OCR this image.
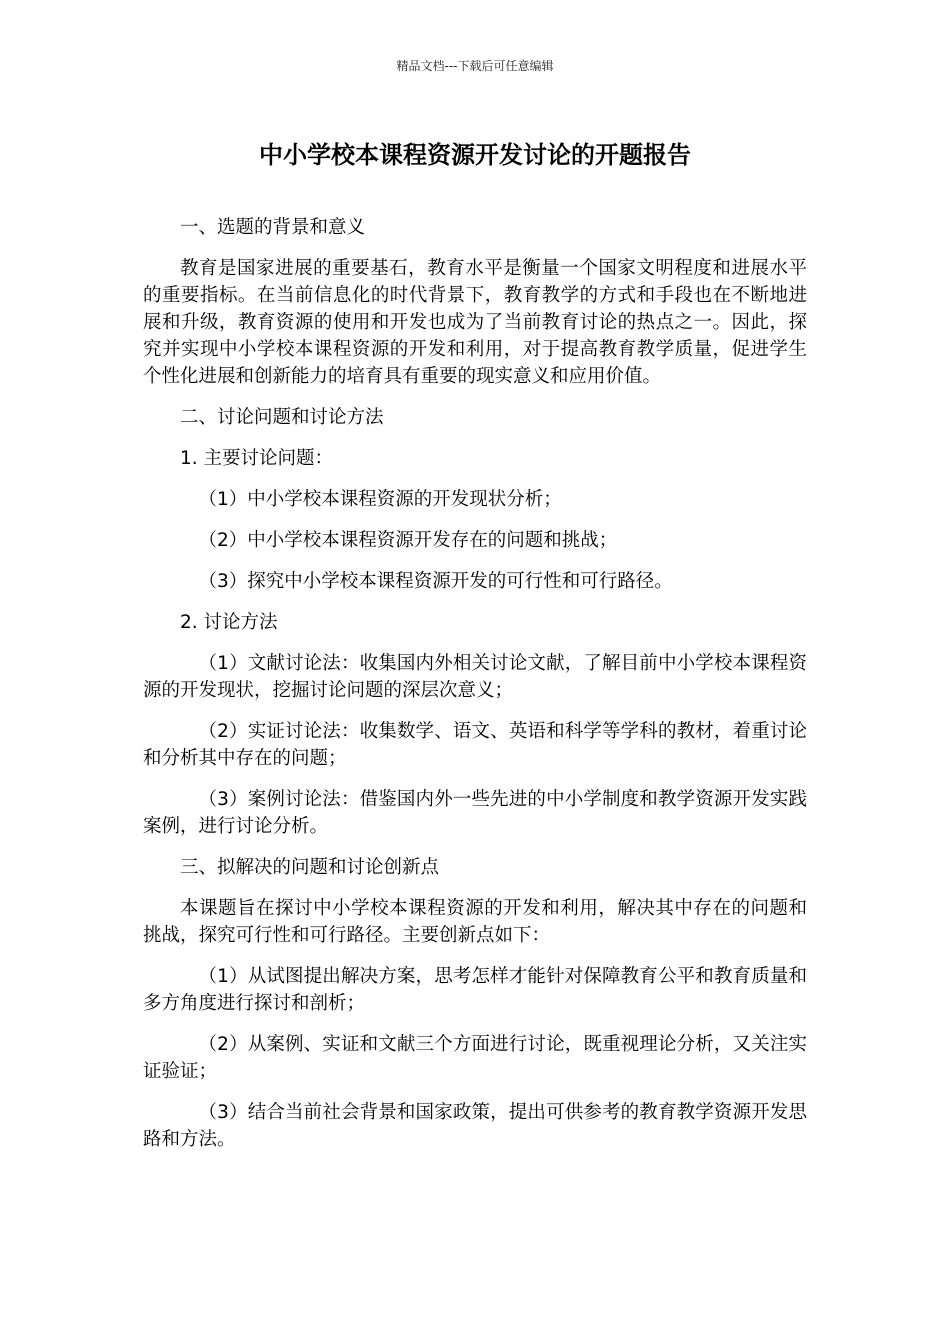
精品文档---下载后可任意编辑
中小学校本课程资源开发讨论的开题报告

一、选题的背景和意义

教育是国家进展的重要基石，教育水平是衡量一个国家文明程度和进展水平的重要指标。在当前信息化的时代背景下，教育教学的方式和手段也在不断地进展和升级，教育资源的使用和开发也成为了当前教育讨论的热点之一。因此，探究并实现中小学校本课程资源的开发和利用，对于提高教育教学质量，促进学生个性化进展和创新能力的培育具有重要的现实意义和应用价值。

二、讨论问题和讨论方法

1. 主要讨论问题：

（1）中小学校本课程资源的开发现状分析；

（2）中小学校本课程资源开发存在的问题和挑战；

（3）探究中小学校本课程资源开发的可行性和可行路径。

2. 讨论方法

（1）文献讨论法：收集国内外相关讨论文献，了解目前中小学校本课程资源的开发现状，挖掘讨论问题的深层次意义；

（2）实证讨论法：收集数学、语文、英语和科学等学科的教材，着重讨论和分析其中存在的问题；

（3）案例讨论法：借鉴国内外一些先进的中小学制度和教学资源开发实践案例，进行讨论分析。

三、拟解决的问题和讨论创新点

本课题旨在探讨中小学校本课程资源的开发和利用，解决其中存在的问题和挑战，探究可行性和可行路径。主要创新点如下：

（1）从试图提出解决方案，思考怎样才能针对保障教育公平和教育质量和多方角度进行探讨和剖析；

（2）从案例、实证和文献三个方面进行讨论，既重视理论分析，又关注实证验证；

（3）结合当前社会背景和国家政策，提出可供参考的教育教学资源开发思路和方法。
